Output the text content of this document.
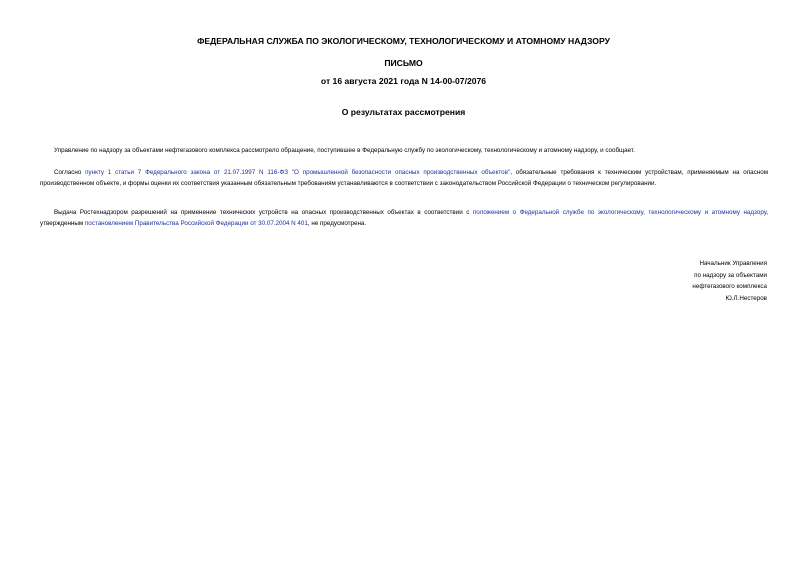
ФЕДЕРАЛЬНАЯ СЛУЖБА ПО ЭКОЛОГИЧЕСКОМУ, ТЕХНОЛОГИЧЕСКОМУ И АТОМНОМУ НАДЗОРУ
ПИСЬМО
от 16 августа 2021 года N 14-00-07/2076
О результатах рассмотрения
Управление по надзору за объектами нефтегазового комплекса рассмотрело обращение, поступившее в Федеральную службу по экологическому, технологическому и атомному надзору, и сообщает.
Согласно пункту 1 статьи 7 Федерального закона от 21.07.1997 N 116-ФЗ "О промышленной безопасности опасных производственных объектов", обязательные требования к техническим устройствам, применяемым на опасном производственном объекте, и формы оценки их соответствия указанным обязательным требованиям устанавливаются в соответствии с законодательством Российской Федерации о техническом регулировании.
Выдача Ростехнадзором разрешений на применение технических устройств на опасных производственных объектах в соответствии с положением о Федеральной службе по экологическому, технологическому и атомному надзору, утвержденным постановлением Правительства Российской Федерации от 30.07.2004 N 401, не предусмотрена.
Начальник Управления
по надзору за объектами
нефтегазового комплекса
Ю.Л.Нестеров
